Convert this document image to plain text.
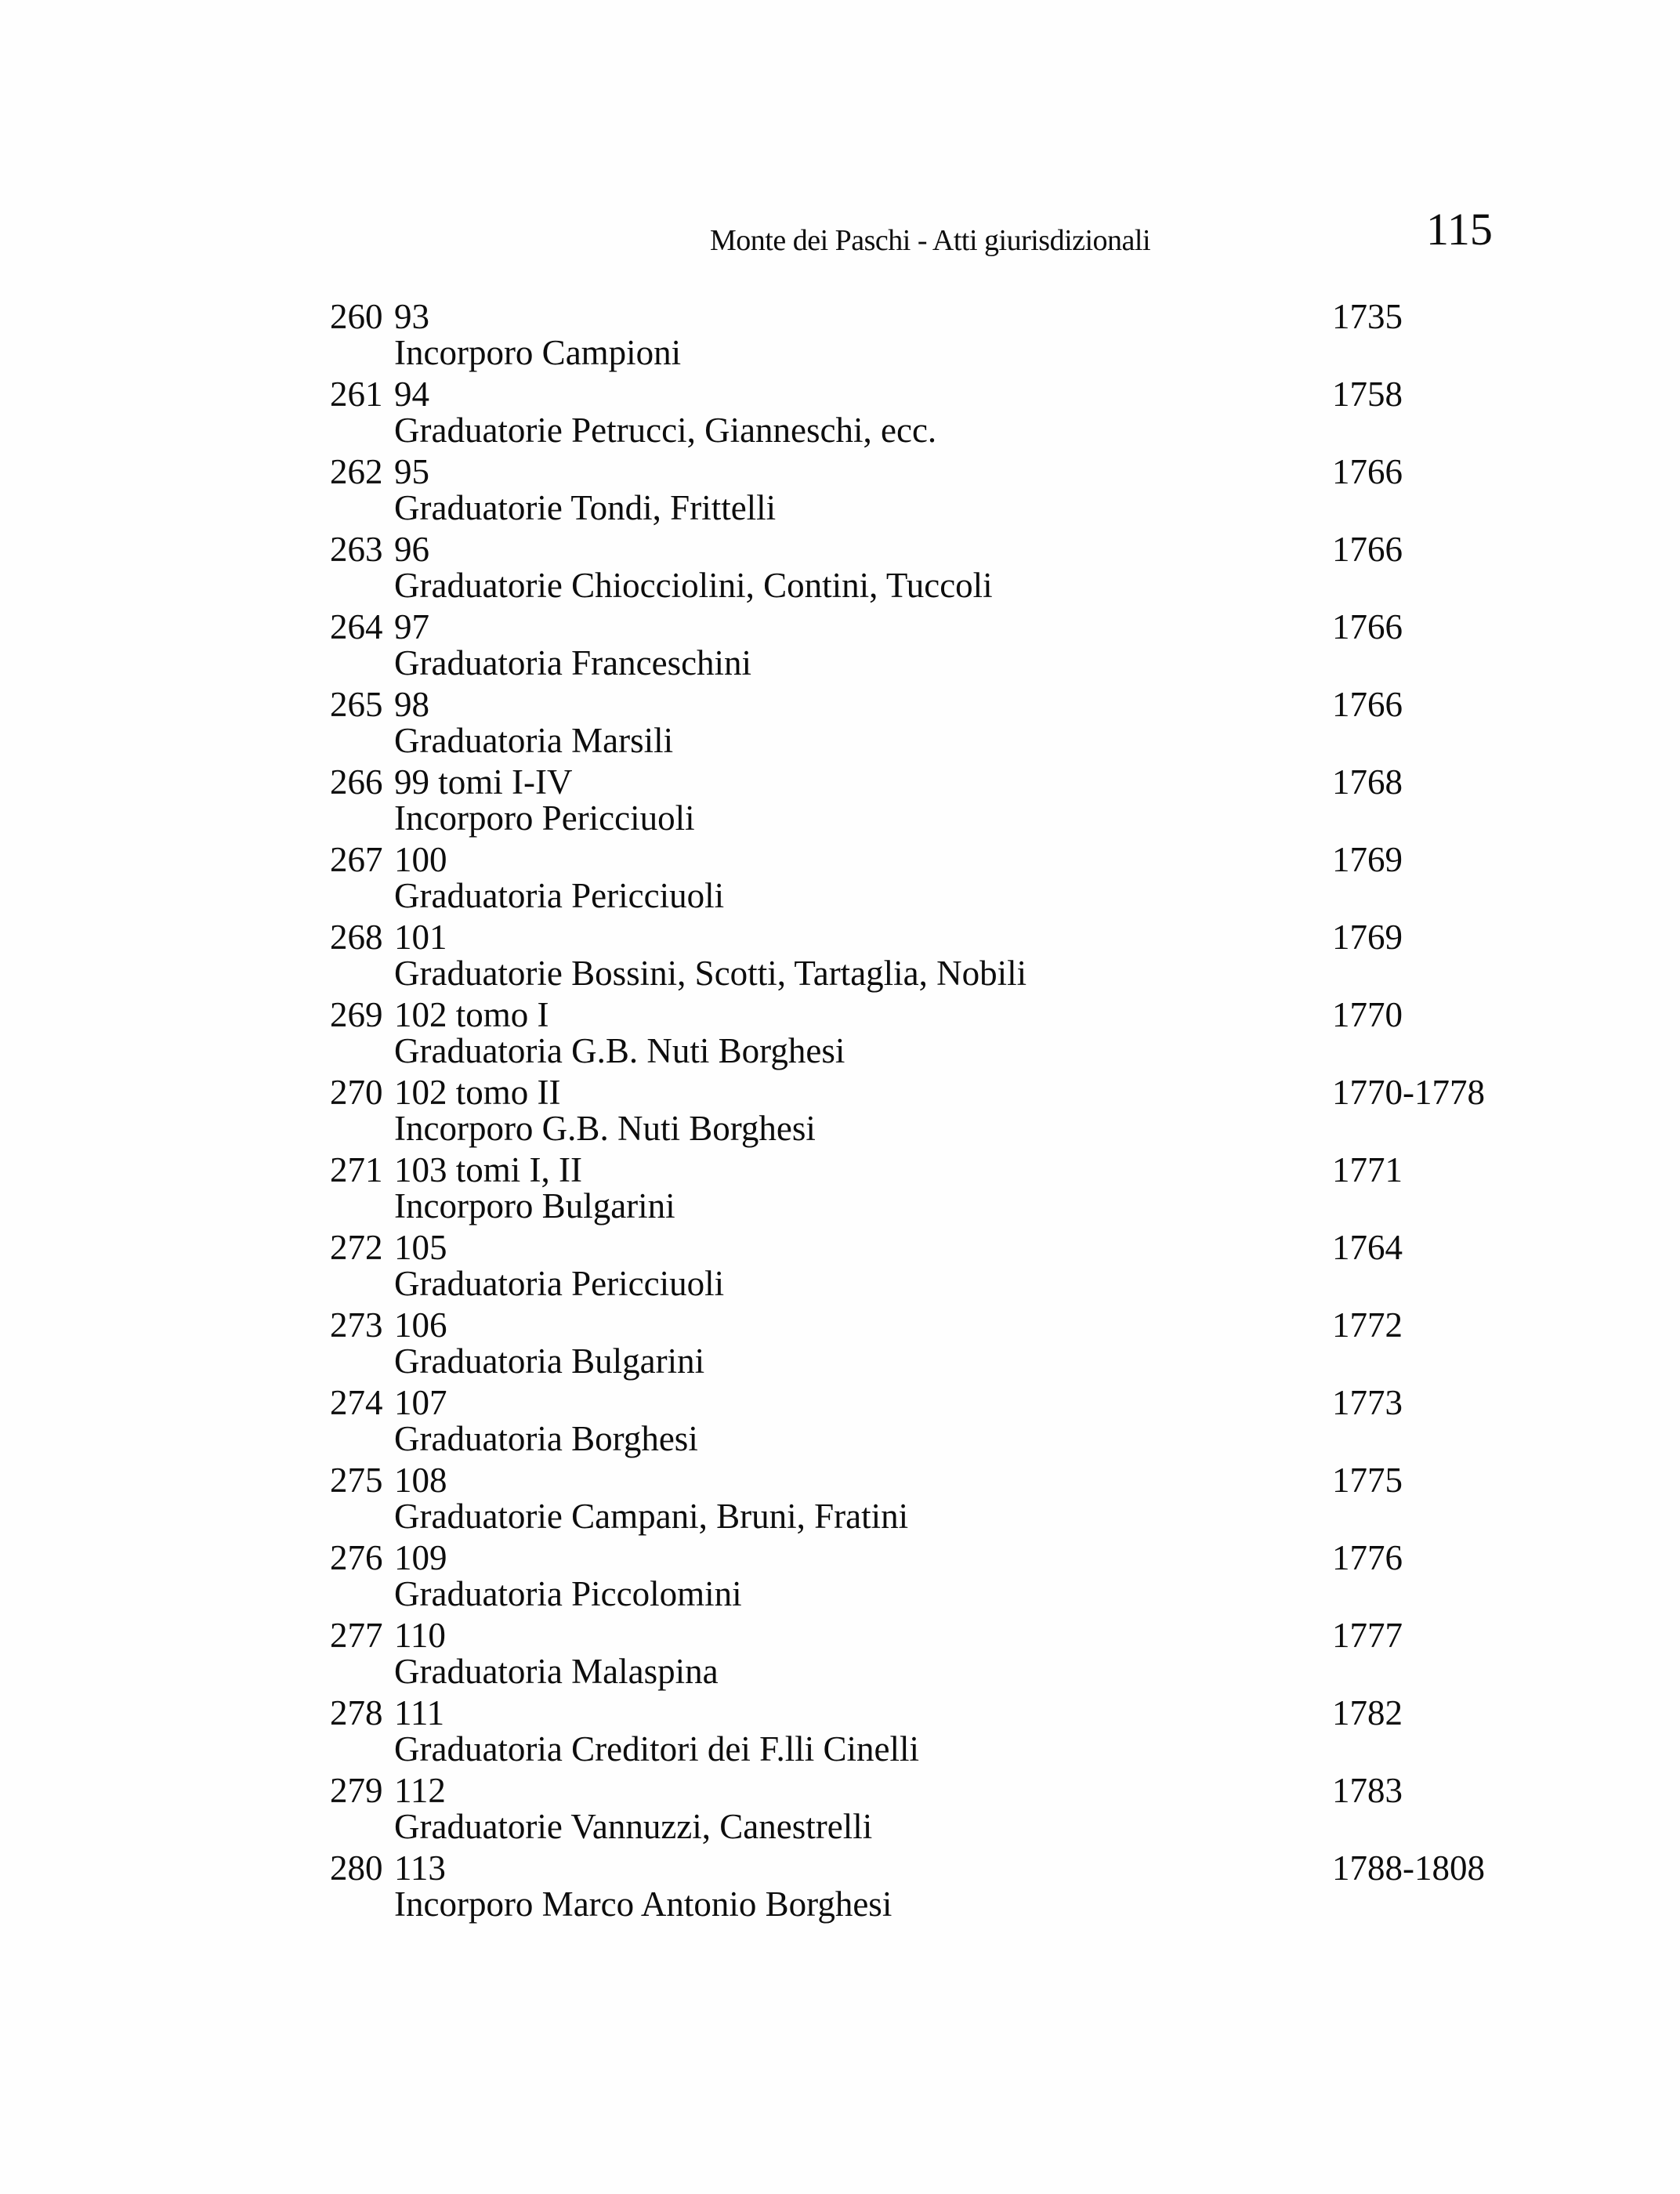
Monte dei Paschi - Atti giurisdizionali	115
260 93	1735
Incorporo Campioni
261 94	1758
Graduatorie Petrucci, Gianneschi, ecc.
262 95	1766
Graduatorie Tondi, Frittelli
263 96	1766
Graduatorie Chiocciolini, Contini, Tuccoli
264 97	1766
Graduatoria Franceschini
265 98	1766
Graduatoria Marsili
266 99 tomi I-IV	1768
Incorporo Pericciuoli
267 100	1769
Graduatoria Pericciuoli
268 101	1769
Graduatorie Bossini, Scotti, Tartaglia, Nobili
269 102 tomo I	1770
Graduatoria G.B. Nuti Borghesi
270 102 tomo II	1770-1778
Incorporo G.B. Nuti Borghesi
271 103 tomi I, II	1771
Incorporo Bulgarini
272 105	1764
Graduatoria Pericciuoli
273 106	1772
Graduatoria Bulgarini
274 107	1773
Graduatoria Borghesi
275 108	1775
Graduatorie Campani, Bruni, Fratini
276 109	1776
Graduatoria Piccolomini
277 110	1777
Graduatoria Malaspina
278 111	1782
Graduatoria Creditori dei F.lli Cinelli
279 112	1783
Graduatorie Vannuzzi, Canestrelli
280 113	1788-1808
Incorporo Marco Antonio Borghesi
